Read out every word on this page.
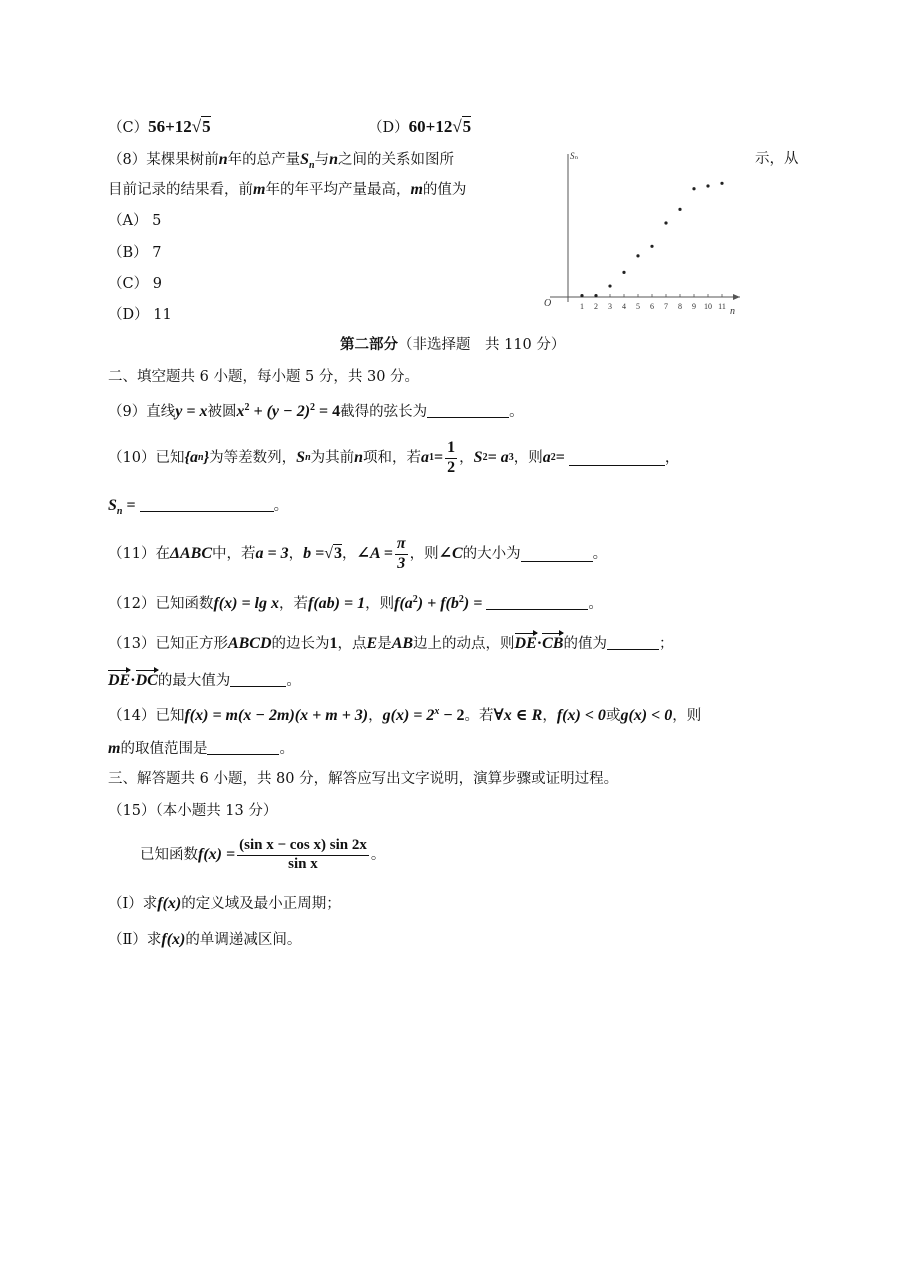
（C）56+12√5	（D）60+12√5
（8）某棵果树前n年的总产量$S_n$与n之间的关系如图所	示，从
目前记录的结果看，前m年的年平均产量最高，m的值为
（A） 5
（B） 7
（C） 9
（D） 11
Sₙ
n
O	1 2 3 4 5 6 7 8 9 10 11
第二部分（非选择题　共 110 分）
二、填空题共 6 小题，每小题 5 分，共 30 分。
（9）直线y = x被圆$x^2 + (y - 2)^2 = 4$截得的弦长为	。
（10）已知 {a n } 为等差数列， S n 为其前 n 项和，若 a $1 = \frac{1}{2}$ ， S 2 = a 3 ，则 a 2 =	，
$S_n$ =	。
（11）在 ΔABC 中，若 a = 3 ， b = √3 ， ∠A = $\frac{\pi}{3}$ ，则 ∠C 的大小为	。
（12）已知函数f(x) = lg x，若f(ab) = 1，则$f(a^2) + f(b^2)$ =	。
（13）已知正方形ABCD的边长为1，点E是AB边上的动点，则DE·CB的值为	；
DE·DC的最大值为	。
（14）已知f(x) = m(x − 2m)(x + m + 3)，$g(x) = 2^x - 2$。若∀x ∈ R，f(x) < 0或g(x) < 0，则
m的取值范围是	。
三、解答题共 6 小题，共 80 分，解答应写出文字说明，演算步骤或证明过程。
（15）（本小题共 13 分）
已知函数 $f(x) = \frac{\text{(sin x − cos x) sin 2x}}{\text{sin x}}$ 。
（Ⅰ）求f(x)的定义域及最小正周期；
（Ⅱ）求f(x)的单调递减区间。
